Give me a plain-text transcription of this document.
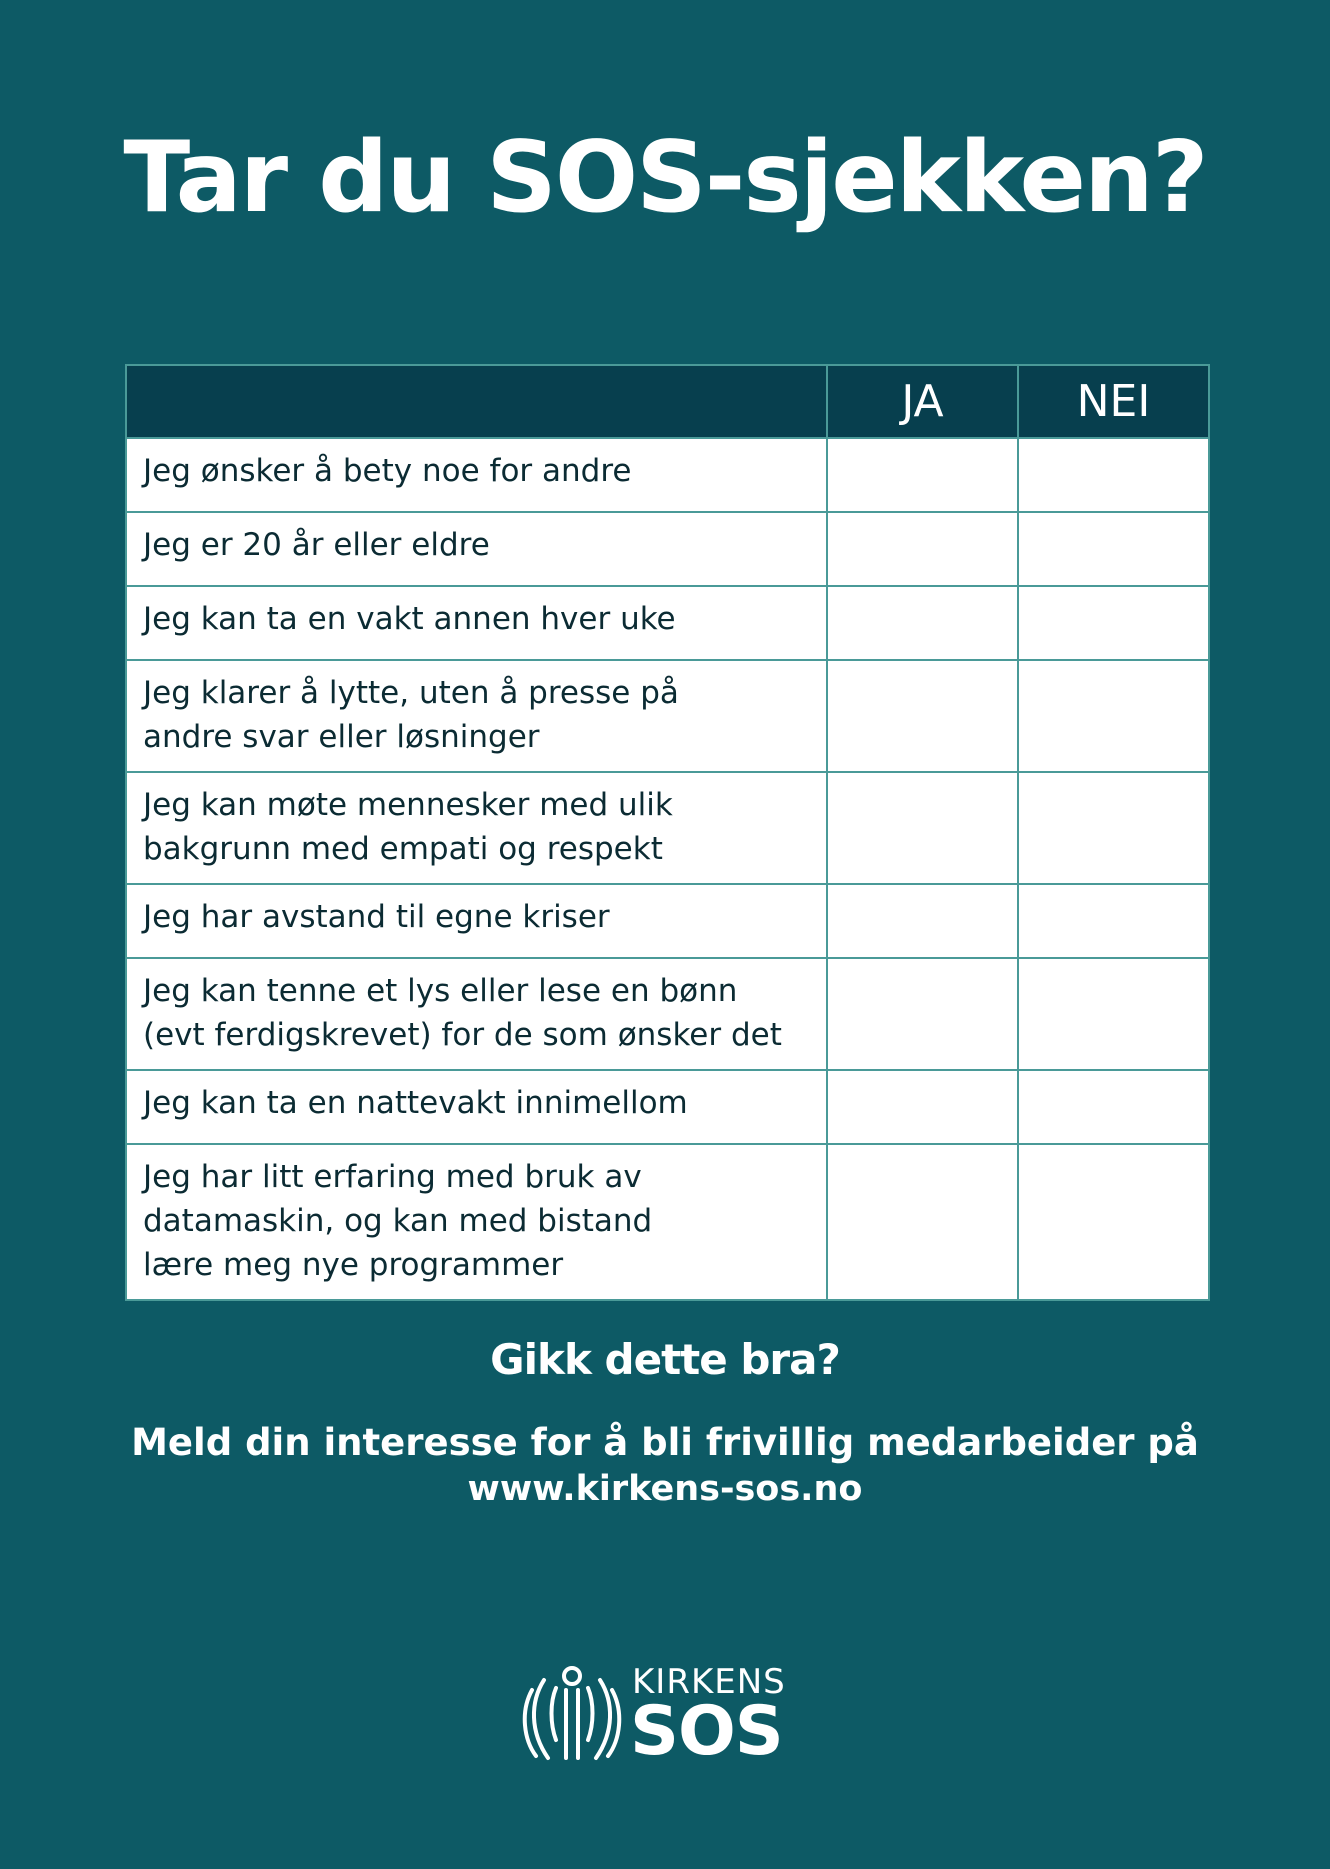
Tar du SOS-sjekken?
	JA	NEI
Jeg ønsker å bety noe for andre		
Jeg er 20 år eller eldre		
Jeg kan ta en vakt annen hver uke		
Jeg klarer å lytte, uten å presse på
andre svar eller løsninger		
Jeg kan møte mennesker med ulik
bakgrunn med empati og respekt		
Jeg har avstand til egne kriser		
Jeg kan tenne et lys eller lese en bønn
(evt ferdigskrevet) for de som ønsker det		
Jeg kan ta en nattevakt innimellom		
Jeg har litt erfaring med bruk av
datamaskin, og kan med bistand
lære meg nye programmer		
Gikk dette bra?

Meld din interesse for å bli frivillig medarbeider på

www.kirkens-sos.no

KIRKENS
SOS
